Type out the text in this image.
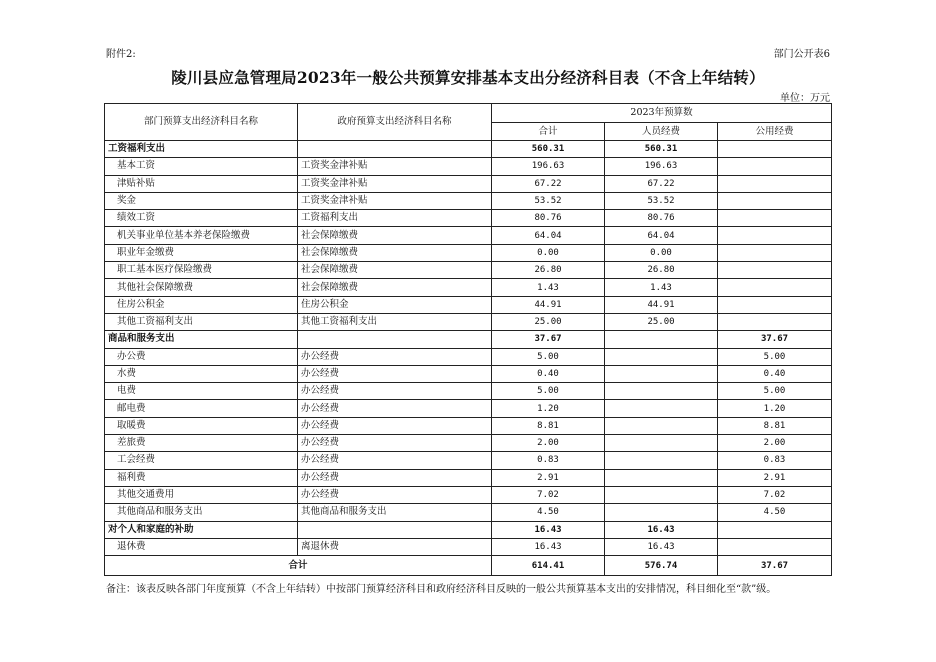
附件2:	部门公开表6
陵川县应急管理局2023年一般公共预算安排基本支出分经济科目表（不含上年结转）
单位：万元
部门预算支出经济科目名称	政府预算支出经济科目名称	2023年预算数		
		合计	人员经费	公用经费
工资福利支出		560.31	560.31	
基本工资	工资奖金津补贴	196.63	196.63	
津贴补贴	工资奖金津补贴	67.22	67.22	
奖金	工资奖金津补贴	53.52	53.52	
绩效工资	工资福利支出	80.76	80.76	
机关事业单位基本养老保险缴费	社会保障缴费	64.04	64.04	
职业年金缴费	社会保障缴费	0.00	0.00	
职工基本医疗保险缴费	社会保障缴费	26.80	26.80	
其他社会保障缴费	社会保障缴费	1.43	1.43	
住房公积金	住房公积金	44.91	44.91	
其他工资福利支出	其他工资福利支出	25.00	25.00	
商品和服务支出		37.67		37.67
办公费	办公经费	5.00		5.00
水费	办公经费	0.40		0.40
电费	办公经费	5.00		5.00
邮电费	办公经费	1.20		1.20
取暖费	办公经费	8.81		8.81
差旅费	办公经费	2.00		2.00
工会经费	办公经费	0.83		0.83
福利费	办公经费	2.91		2.91
其他交通费用	办公经费	7.02		7.02
其他商品和服务支出	其他商品和服务支出	4.50		4.50
对个人和家庭的补助		16.43	16.43	
退休费	离退休费	16.43	16.43	
合计		614.41	576.74	37.67
备注：该表反映各部门年度预算（不含上年结转）中按部门预算经济科目和政府经济科目反映的一般公共预算基本支出的安排情况，科目细化至“款”级。
